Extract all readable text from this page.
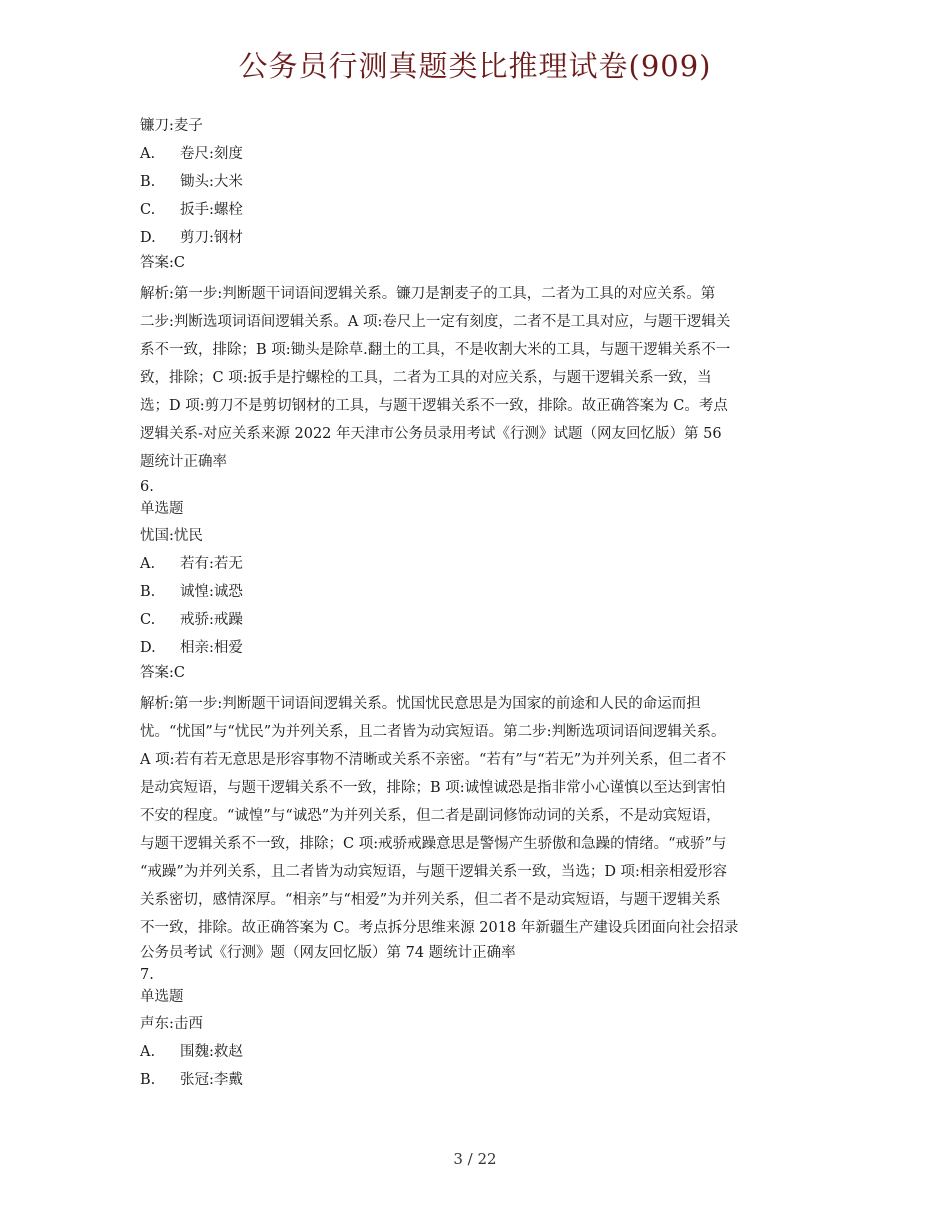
公务员行测真题类比推理试卷(909)
镰刀:麦子
A.	卷尺:刻度
B.	锄头:大米
C.	扳手:螺栓
D.	剪刀:钢材
答案:C
解析:第一步:判断题干词语间逻辑关系。镰刀是割麦子的工具，二者为工具的对应关系。第
二步:判断选项词语间逻辑关系。A 项:卷尺上一定有刻度，二者不是工具对应，与题干逻辑关
系不一致，排除；B 项:锄头是除草.翻土的工具，不是收割大米的工具，与题干逻辑关系不一
致，排除；C 项:扳手是拧螺栓的工具，二者为工具的对应关系，与题干逻辑关系一致，当
选；D 项:剪刀不是剪切钢材的工具，与题干逻辑关系不一致，排除。故正确答案为 C。考点
逻辑关系-对应关系来源 2022 年天津市公务员录用考试《行测》试题（网友回忆版）第 56
题统计正确率
6.
单选题
忧国:忧民
A.	若有:若无
B.	诚惶:诚恐
C.	戒骄:戒躁
D.	相亲:相爱
答案:C
解析:第一步:判断题干词语间逻辑关系。忧国忧民意思是为国家的前途和人民的命运而担
忧。“忧国”与“忧民”为并列关系，且二者皆为动宾短语。第二步:判断选项词语间逻辑关系。
A 项:若有若无意思是形容事物不清晰或关系不亲密。“若有”与“若无”为并列关系，但二者不
是动宾短语，与题干逻辑关系不一致，排除；B 项:诚惶诚恐是指非常小心谨慎以至达到害怕
不安的程度。“诚惶”与“诚恐”为并列关系，但二者是副词修饰动词的关系，不是动宾短语，
与题干逻辑关系不一致，排除；C 项:戒骄戒躁意思是警惕产生骄傲和急躁的情绪。“戒骄”与
“戒躁”为并列关系，且二者皆为动宾短语，与题干逻辑关系一致，当选；D 项:相亲相爱形容
关系密切，感情深厚。“相亲”与“相爱”为并列关系，但二者不是动宾短语，与题干逻辑关系
不一致，排除。故正确答案为 C。考点拆分思维来源 2018 年新疆生产建设兵团面向社会招录
公务员考试《行测》题（网友回忆版）第 74 题统计正确率
7.
单选题
声东:击西
A.	围魏:救赵
B.	张冠:李戴
3 / 22
